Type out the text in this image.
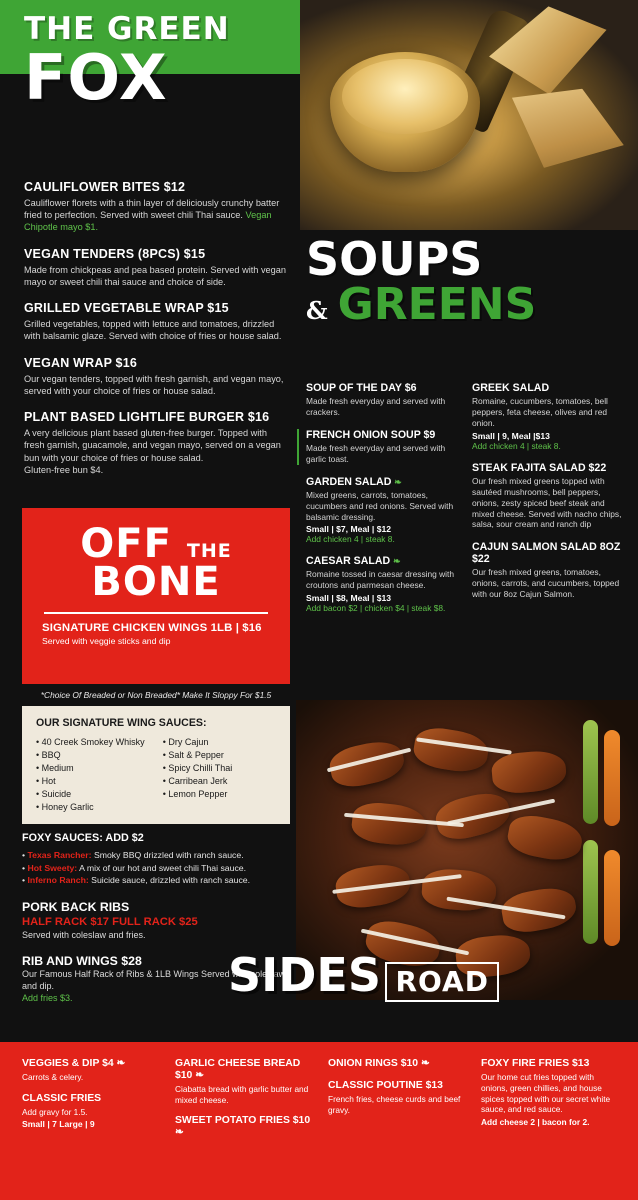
THE GREEN
FOX
CAULIFLOWER BITES $12

Cauliflower florets with a thin layer of deliciously crunchy batter fried to perfection. Served with sweet chili Thai sauce. Vegan Chipotle mayo $1.

VEGAN TENDERS (8PCS) $15

Made from chickpeas and pea based protein. Served with vegan mayo or sweet chili thai sauce and choice of side.

GRILLED VEGETABLE WRAP $15

Grilled vegetables, topped with lettuce and tomatoes, drizzled with balsamic glaze. Served with choice of fries or house salad.

VEGAN WRAP $16

Our vegan tenders, topped with fresh garnish, and vegan mayo, served with your choice of fries or house salad.

PLANT BASED LIGHTLIFE BURGER $16

A very delicious plant based gluten-free burger. Topped with fresh garnish, guacamole, and vegan mayo, served on a vegan bun with your choice of fries or house salad.

Gluten-free bun $4.

SOUPS
& GREENS
SOUP OF THE DAY $6

Made fresh everyday and served with crackers.

FRENCH ONION SOUP $9

Made fresh everyday and served with garlic toast.

GARDEN SALAD ❧

Mixed greens, carrots, tomatoes, cucumbers and red onions. Served with balsamic dressing.

Small | $7, Meal | $12
Add chicken 4 | steak 8.
CAESAR SALAD ❧

Romaine tossed in caesar dressing with croutons and parmesan cheese.

Small | $8, Meal | $13
Add bacon $2 | chicken $4 | steak $8.
GREEK SALAD

Romaine, cucumbers, tomatoes, bell peppers, feta cheese, olives and red onion.

Small | 9, Meal |$13
Add chicken 4 | steak 8.
STEAK FAJITA SALAD $22

Our fresh mixed greens topped with sautéed mushrooms, bell peppers, onions, zesty spiced beef steak and mixed cheese. Served with nacho chips, salsa, sour cream and ranch dip

CAJUN SALMON SALAD 8OZ $22

Our fresh mixed greens, tomatoes, onions, carrots, and cucumbers, topped with our 8oz Cajun Salmon.

OFF THE
BONE
SIGNATURE CHICKEN WINGS 1LB | $16

Served with veggie sticks and dip

*Choice Of Breaded or Non Breaded* Make It Sloppy For $1.5
OUR SIGNATURE WING SAUCES:
• 40 Creek Smokey Whisky
• BBQ
• Medium
• Hot
• Suicide
• Honey Garlic
• Dry Cajun
• Salt & Pepper
• Spicy Chilli Thai
• Carribean Jerk
• Lemon Pepper
FOXY SAUCES: ADD $2
• Texas Rancher: Smoky BBQ drizzled with ranch sauce.
• Hot Sweety: A mix of our hot and sweet chili Thai sauce.
• Inferno Ranch: Suicide sauce, drizzled with ranch sauce.
PORK BACK RIBS
HALF RACK $17 FULL RACK $25

Served with coleslaw and fries.

RIB AND WINGS $28

Our Famous Half Rack of Ribs & 1LB Wings Served with coleslaw, and dip.

Add fries $3.	SIDES ROAD
VEGGIES & DIP $4 ❧

Carrots & celery.

CLASSIC FRIES

Add gravy for 1.5.

Small | 7 Large | 9
GARLIC CHEESE BREAD $10 ❧

Ciabatta bread with garlic butter and mixed cheese.

SWEET POTATO FRIES $10 ❧
ONION RINGS $10 ❧
CLASSIC POUTINE $13

French fries, cheese curds and beef gravy.

FOXY FIRE FRIES $13

Our home cut fries topped with onions, green chillies, and house spices topped with our secret white sauce, and red sauce.

Add cheese 2 | bacon for 2.
